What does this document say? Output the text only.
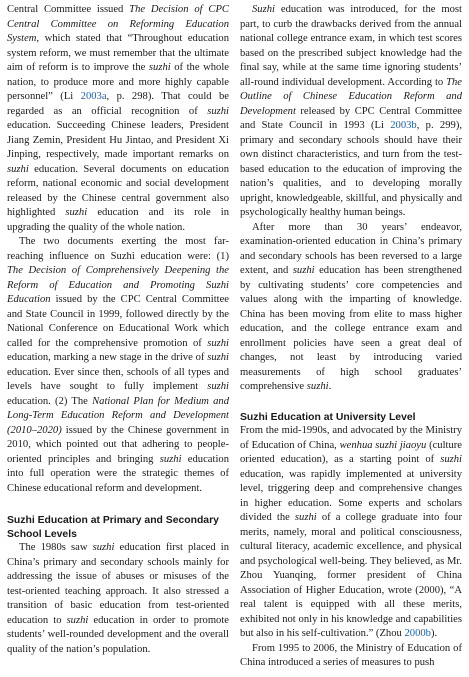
Central Committee issued The Decision of CPC Central Committee on Reforming Education System, which stated that “Throughout education system reform, we must remember that the ultimate aim of reform is to improve the suzhi of the whole nation, to produce more and more highly capable personnel” (Li 2003a, p. 298). That could be regarded as an official recognition of suzhi education. Succeeding Chinese leaders, President Jiang Zemin, President Hu Jintao, and President Xi Jinping, respectively, made important remarks on suzhi education. Several documents on education reform, national economic and social development released by the Chinese central government also highlighted suzhi education and its role in upgrading the quality of the whole nation.

The two documents exerting the most far-reaching influence on Suzhi education were: (1) The Decision of Comprehensively Deepening the Reform of Education and Promoting Suzhi Education issued by the CPC Central Committee and State Council in 1999, followed directly by the National Conference on Educational Work which called for the comprehensive promotion of suzhi education, marking a new stage in the drive of suzhi education. Ever since then, schools of all types and levels have sought to fully implement suzhi education. (2) The National Plan for Medium and Long-Term Education Reform and Development (2010–2020) issued by the Chinese government in 2010, which pointed out that adhering to people-oriented principles and bringing suzhi education into full operation were the strategic themes of Chinese educational reform and development.

Suzhi Education at Primary and Secondary School Levels

The 1980s saw suzhi education first placed in China’s primary and secondary schools mainly for addressing the issue of abuses or misuses of the test-oriented teaching approach. It also stressed a transition of basic education from test-oriented education to suzhi education in order to promote students’ well-rounded development and the overall quality of the nation’s population.

Suzhi education was introduced, for the most part, to curb the drawbacks derived from the annual national college entrance exam, in which test scores based on the prescribed subject knowledge had the final say, while at the same time ignoring students’ all-round individual development. According to The Outline of Chinese Education Reform and Development released by CPC Central Committee and State Council in 1993 (Li 2003b, p. 299), primary and secondary schools should have their own distinct characteristics, and turn from the test-based education to the education of improving the nation’s qualities, and to developing morally upright, knowledgeable, skillful, and physically and psychologically healthy human beings.

After more than 30 years’ endeavor, examination-oriented education in China’s primary and secondary schools has been reversed to a large extent, and suzhi education has been strengthened by cultivating students’ core competencies and values along with the imparting of knowledge. China has been moving from elite to mass higher education, and the college entrance exam and enrollment policies have seen a great deal of changes, not least by introducing varied measurements of high school graduates’ comprehensive suzhi.

Suzhi Education at University Level

From the mid-1990s, and advocated by the Ministry of Education of China, wenhua suzhi jiaoyu (culture oriented education), as a starting point of suzhi education, was rapidly implemented at university level, triggering deep and comprehensive changes in higher education. Some experts and scholars divided the suzhi of a college graduate into four merits, namely, moral and political consciousness, cultural literacy, academic excellence, and physical and psychological well-being. They believed, as Mr. Zhou Yuanqing, former president of China Association of Higher Education, wrote (2000), “A real talent is equipped with all these merits, exhibited not only in his knowledge and capabilities but also in his self-cultivation.” (Zhou 2000b).

From 1995 to 2006, the Ministry of Education of China introduced a series of measures to push
